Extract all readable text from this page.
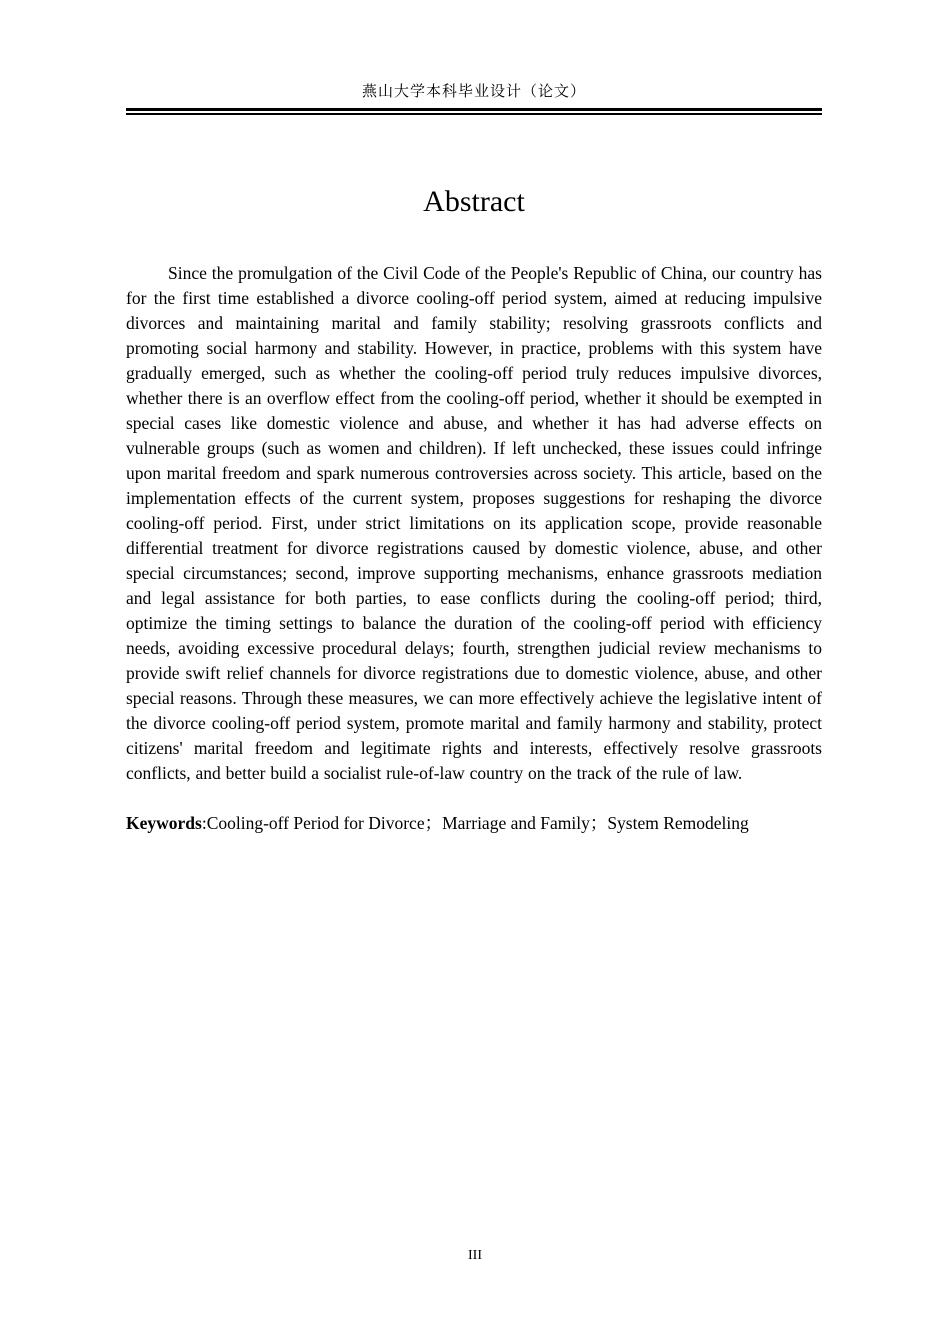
燕山大学本科毕业设计（论文）
Abstract

Since the promulgation of the Civil Code of the People's Republic of China, our country has for the first time established a divorce cooling-off period system, aimed at reducing impulsive divorces and maintaining marital and family stability; resolving grassroots conflicts and promoting social harmony and stability. However, in practice, problems with this system have gradually emerged, such as whether the cooling-off period truly reduces impulsive divorces, whether there is an overflow effect from the cooling-off period, whether it should be exempted in special cases like domestic violence and abuse, and whether it has had adverse effects on vulnerable groups (such as women and children). If left unchecked, these issues could infringe upon marital freedom and spark numerous controversies across society. This article, based on the implementation effects of the current system, proposes suggestions for reshaping the divorce cooling-off period. First, under strict limitations on its application scope, provide reasonable differential treatment for divorce registrations caused by domestic violence, abuse, and other special circumstances; second, improve supporting mechanisms, enhance grassroots mediation and legal assistance for both parties, to ease conflicts during the cooling-off period; third, optimize the timing settings to balance the duration of the cooling-off period with efficiency needs, avoiding excessive procedural delays; fourth, strengthen judicial review mechanisms to provide swift relief channels for divorce registrations due to domestic violence, abuse, and other special reasons. Through these measures, we can more effectively achieve the legislative intent of the divorce cooling-off period system, promote marital and family harmony and stability, protect citizens' marital freedom and legitimate rights and interests, effectively resolve grassroots conflicts, and better build a socialist rule-of-law country on the track of the rule of law.

Keywords:Cooling-off Period for Divorce；Marriage and Family；System Remodeling

III
